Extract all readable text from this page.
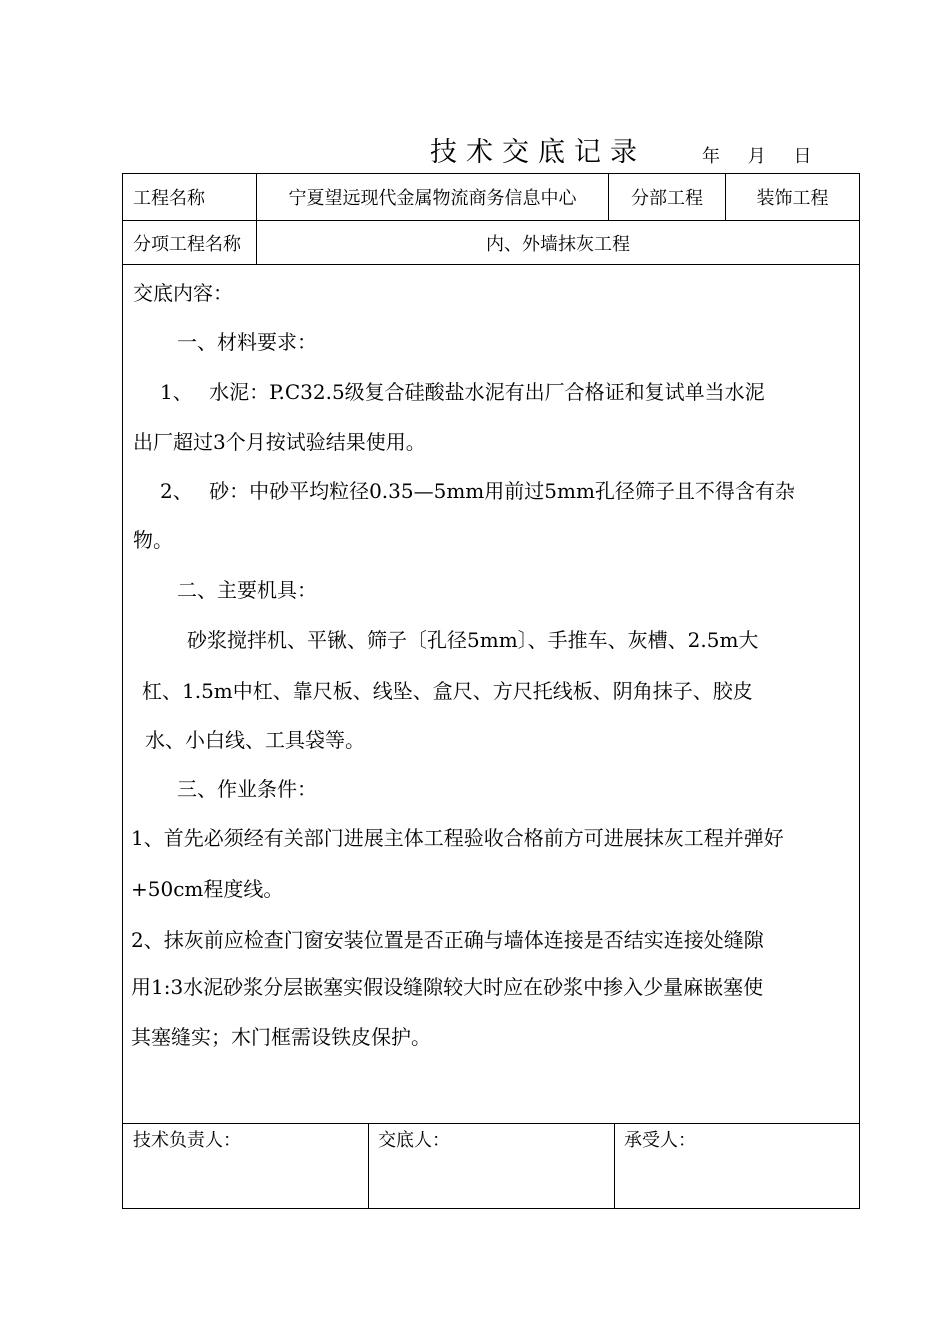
技术交底记录	年 月 日
工程名称	宁夏望远现代金属物流商务信息中心	分部工程	装饰工程
分项工程名称	内、外墙抹灰工程
交底内容：
一、材料要求：
1、　 水泥：P.C32.5级复合硅酸盐水泥有出厂合格证和复试单当水泥
出厂超过3个月按试验结果使用。
2、　 砂：中砂平均粒径0.35—5mm用前过5mm孔径筛子且不得含有杂
物。
二、主要机具：
砂浆搅拌机、平锹、筛子〔孔径5mm〕、手推车、灰槽、2.5m大
杠、1.5m中杠、靠尺板、线坠、盒尺、方尺托线板、阴角抹子、胶皮
水、小白线、工具袋等。
三、作业条件：
1、首先必须经有关部门进展主体工程验收合格前方可进展抹灰工程并弹好
+50cm程度线。
2、抹灰前应检查门窗安装位置是否正确与墙体连接是否结实连接处缝隙
用1:3水泥砂浆分层嵌塞实假设缝隙较大时应在砂浆中掺入少量麻嵌塞使
其塞缝实；木门框需设铁皮保护。
技术负责人：	交底人：	承受人：
